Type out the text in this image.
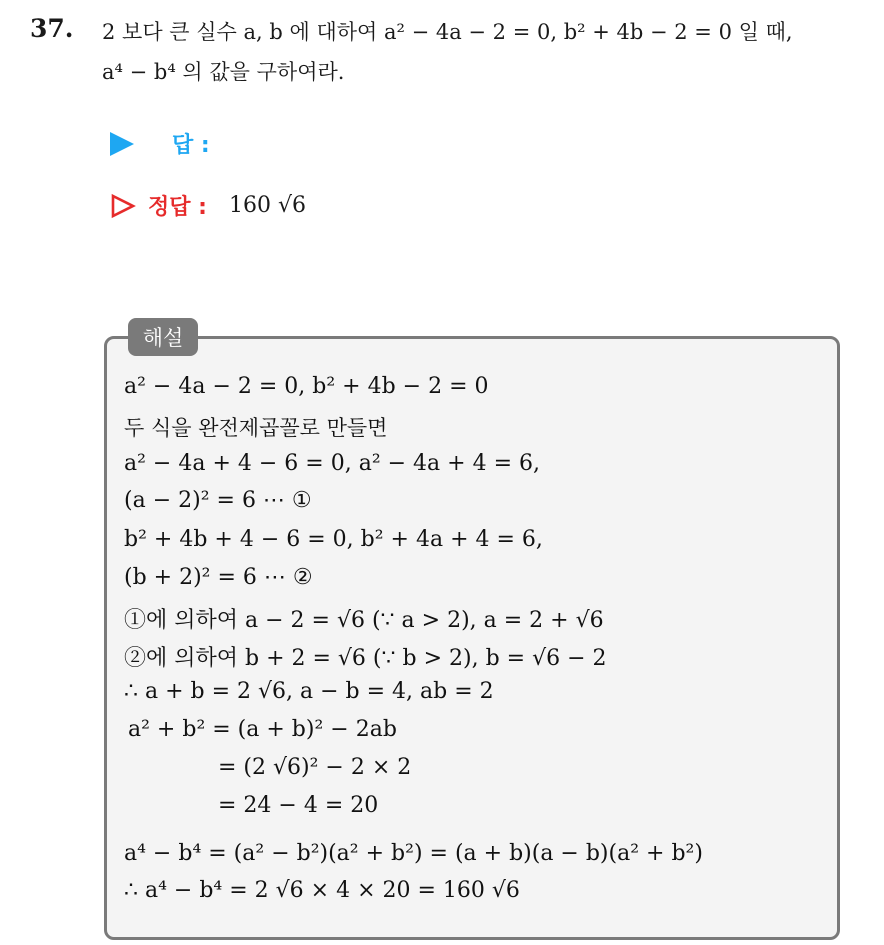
37. 2 보다 큰 실수 a, b 에 대하여 a² − 4a − 2 = 0, b² + 4b − 2 = 0 일 때,
a⁴ − b⁴ 의 값을 구하여라.
답 :
정답 : 160 √6
해설
a² − 4a − 2 = 0, b² + 4b − 2 = 0
두 식을 완전제곱꼴로 만들면
a² − 4a + 4 − 6 = 0, a² − 4a + 4 = 6,
(a − 2)² = 6 ⋯ ①
b² + 4b + 4 − 6 = 0, b² + 4a + 4 = 6,
(b + 2)² = 6 ⋯ ②
①에 의하여 a − 2 = √6 (∵ a > 2), a = 2 + √6
②에 의하여 b + 2 = √6 (∵ b > 2), b = √6 − 2
∴ a + b = 2 √6, a − b = 4, ab = 2
a² + b² = (a + b)² − 2ab
= (2 √6)² − 2 × 2
= 24 − 4 = 20
a⁴ − b⁴ = (a² − b²)(a² + b²) = (a + b)(a − b)(a² + b²)
∴ a⁴ − b⁴ = 2 √6 × 4 × 20 = 160 √6
